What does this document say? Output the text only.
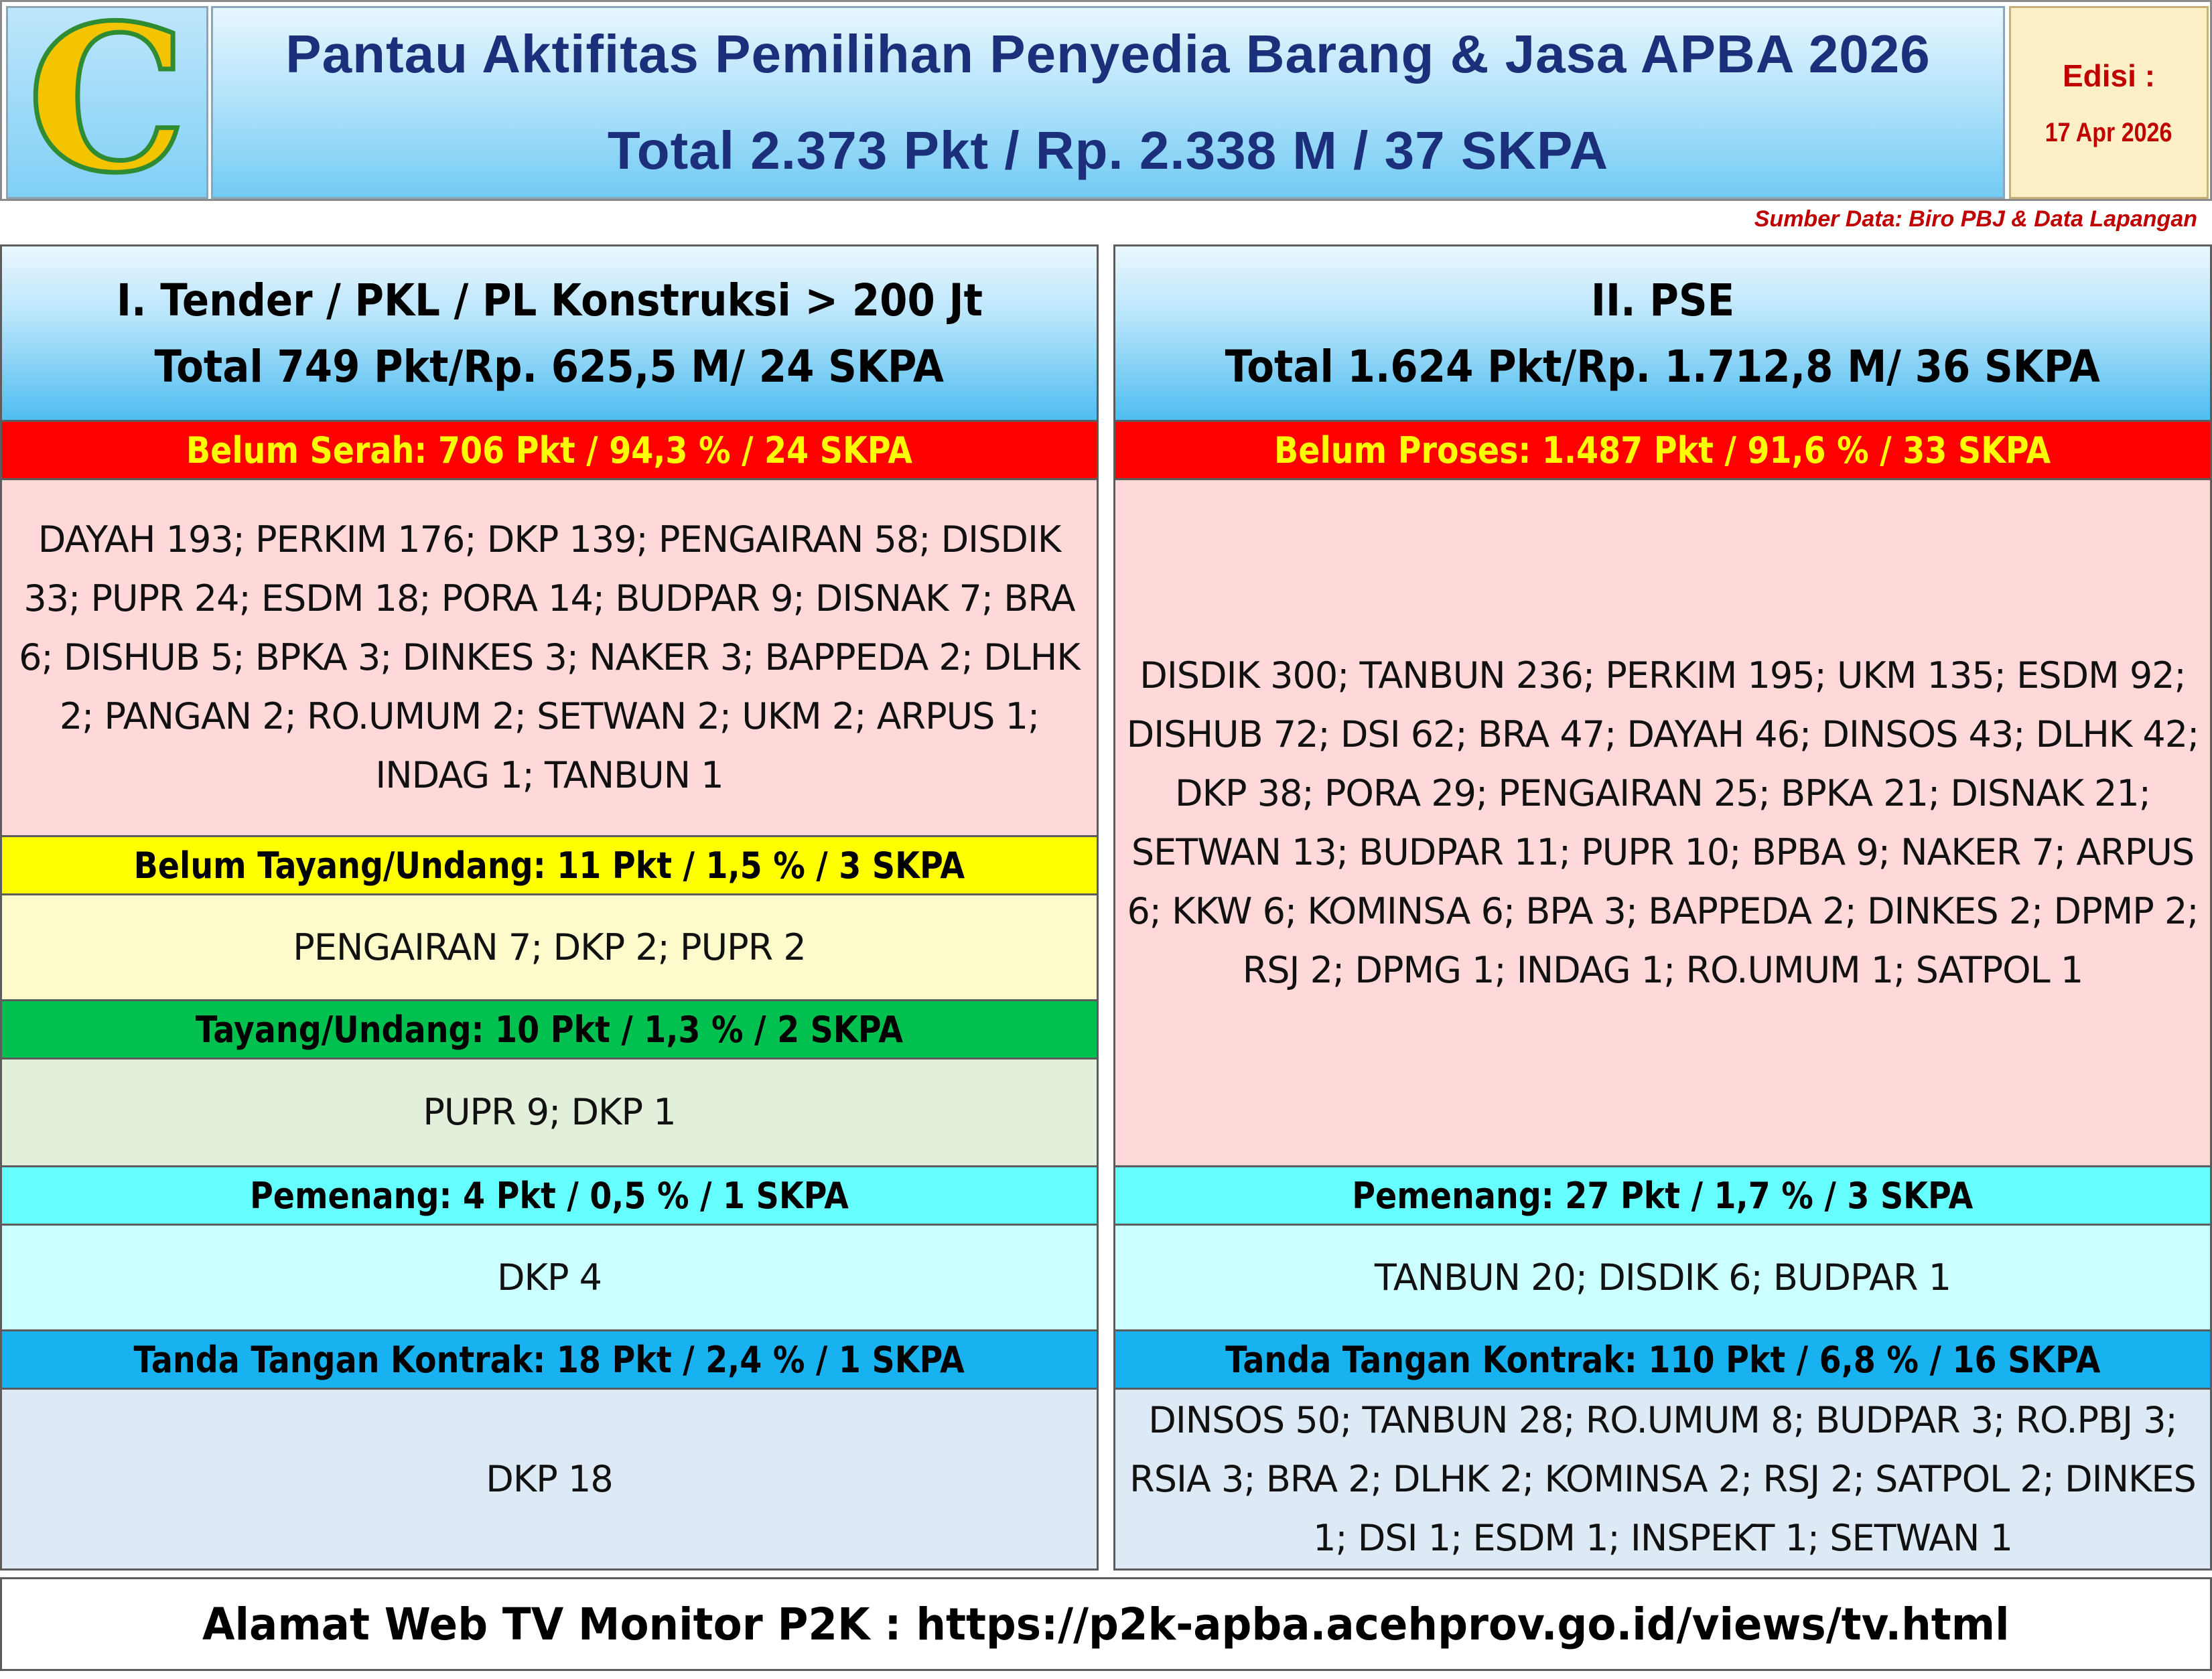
C Pantau Aktifitas Pemilihan Penyedia Barang & Jasa APBA 2026
Total 2.373 Pkt / Rp. 2.338 M / 37 SKPA
Edisi :
17 Apr 2026
Sumber Data: Biro PBJ & Data Lapangan
I. Tender / PKL / PL Konstruksi > 200 Jt
Total 749 Pkt/Rp. 625,5 M/ 24 SKPA
Belum Serah: 706 Pkt / 94,3 % / 24 SKPA
DAYAH 193; PERKIM 176; DKP 139; PENGAIRAN 58; DISDIK 33; PUPR 24; ESDM 18; PORA 14; BUDPAR 9; DISNAK 7; BRA 6; DISHUB 5; BPKA 3; DINKES 3; NAKER 3; BAPPEDA 2; DLHK 2; PANGAN 2; RO.UMUM 2; SETWAN 2; UKM 2; ARPUS 1; INDAG 1; TANBUN 1
Belum Tayang/Undang: 11 Pkt / 1,5 % / 3 SKPA
PENGAIRAN 7; DKP 2; PUPR 2
Tayang/Undang: 10 Pkt / 1,3 % / 2 SKPA
PUPR 9; DKP 1
Pemenang: 4 Pkt / 0,5 % / 1 SKPA
DKP 4
Tanda Tangan Kontrak: 18 Pkt / 2,4 % / 1 SKPA
DKP 18
II. PSE
Total 1.624 Pkt/Rp. 1.712,8 M/ 36 SKPA
Belum Proses: 1.487 Pkt / 91,6 % / 33 SKPA
DISDIK 300; TANBUN 236; PERKIM 195; UKM 135; ESDM 92; DISHUB 72; DSI 62; BRA 47; DAYAH 46; DINSOS 43; DLHK 42; DKP 38; PORA 29; PENGAIRAN 25; BPKA 21; DISNAK 21; SETWAN 13; BUDPAR 11; PUPR 10; BPBA 9; NAKER 7; ARPUS 6; KKW 6; KOMINSA 6; BPA 3; BAPPEDA 2; DINKES 2; DPMP 2; RSJ 2; DPMG 1; INDAG 1; RO.UMUM 1; SATPOL 1
Pemenang: 27 Pkt / 1,7 % / 3 SKPA
TANBUN 20; DISDIK 6; BUDPAR 1
Tanda Tangan Kontrak: 110 Pkt / 6,8 % / 16 SKPA
DINSOS 50; TANBUN 28; RO.UMUM 8; BUDPAR 3; RO.PBJ 3; RSIA 3; BRA 2; DLHK 2; KOMINSA 2; RSJ 2; SATPOL 2; DINKES 1; DSI 1; ESDM 1; INSPEKT 1; SETWAN 1
Alamat Web TV Monitor P2K : https://p2k-apba.acehprov.go.id/views/tv.html
